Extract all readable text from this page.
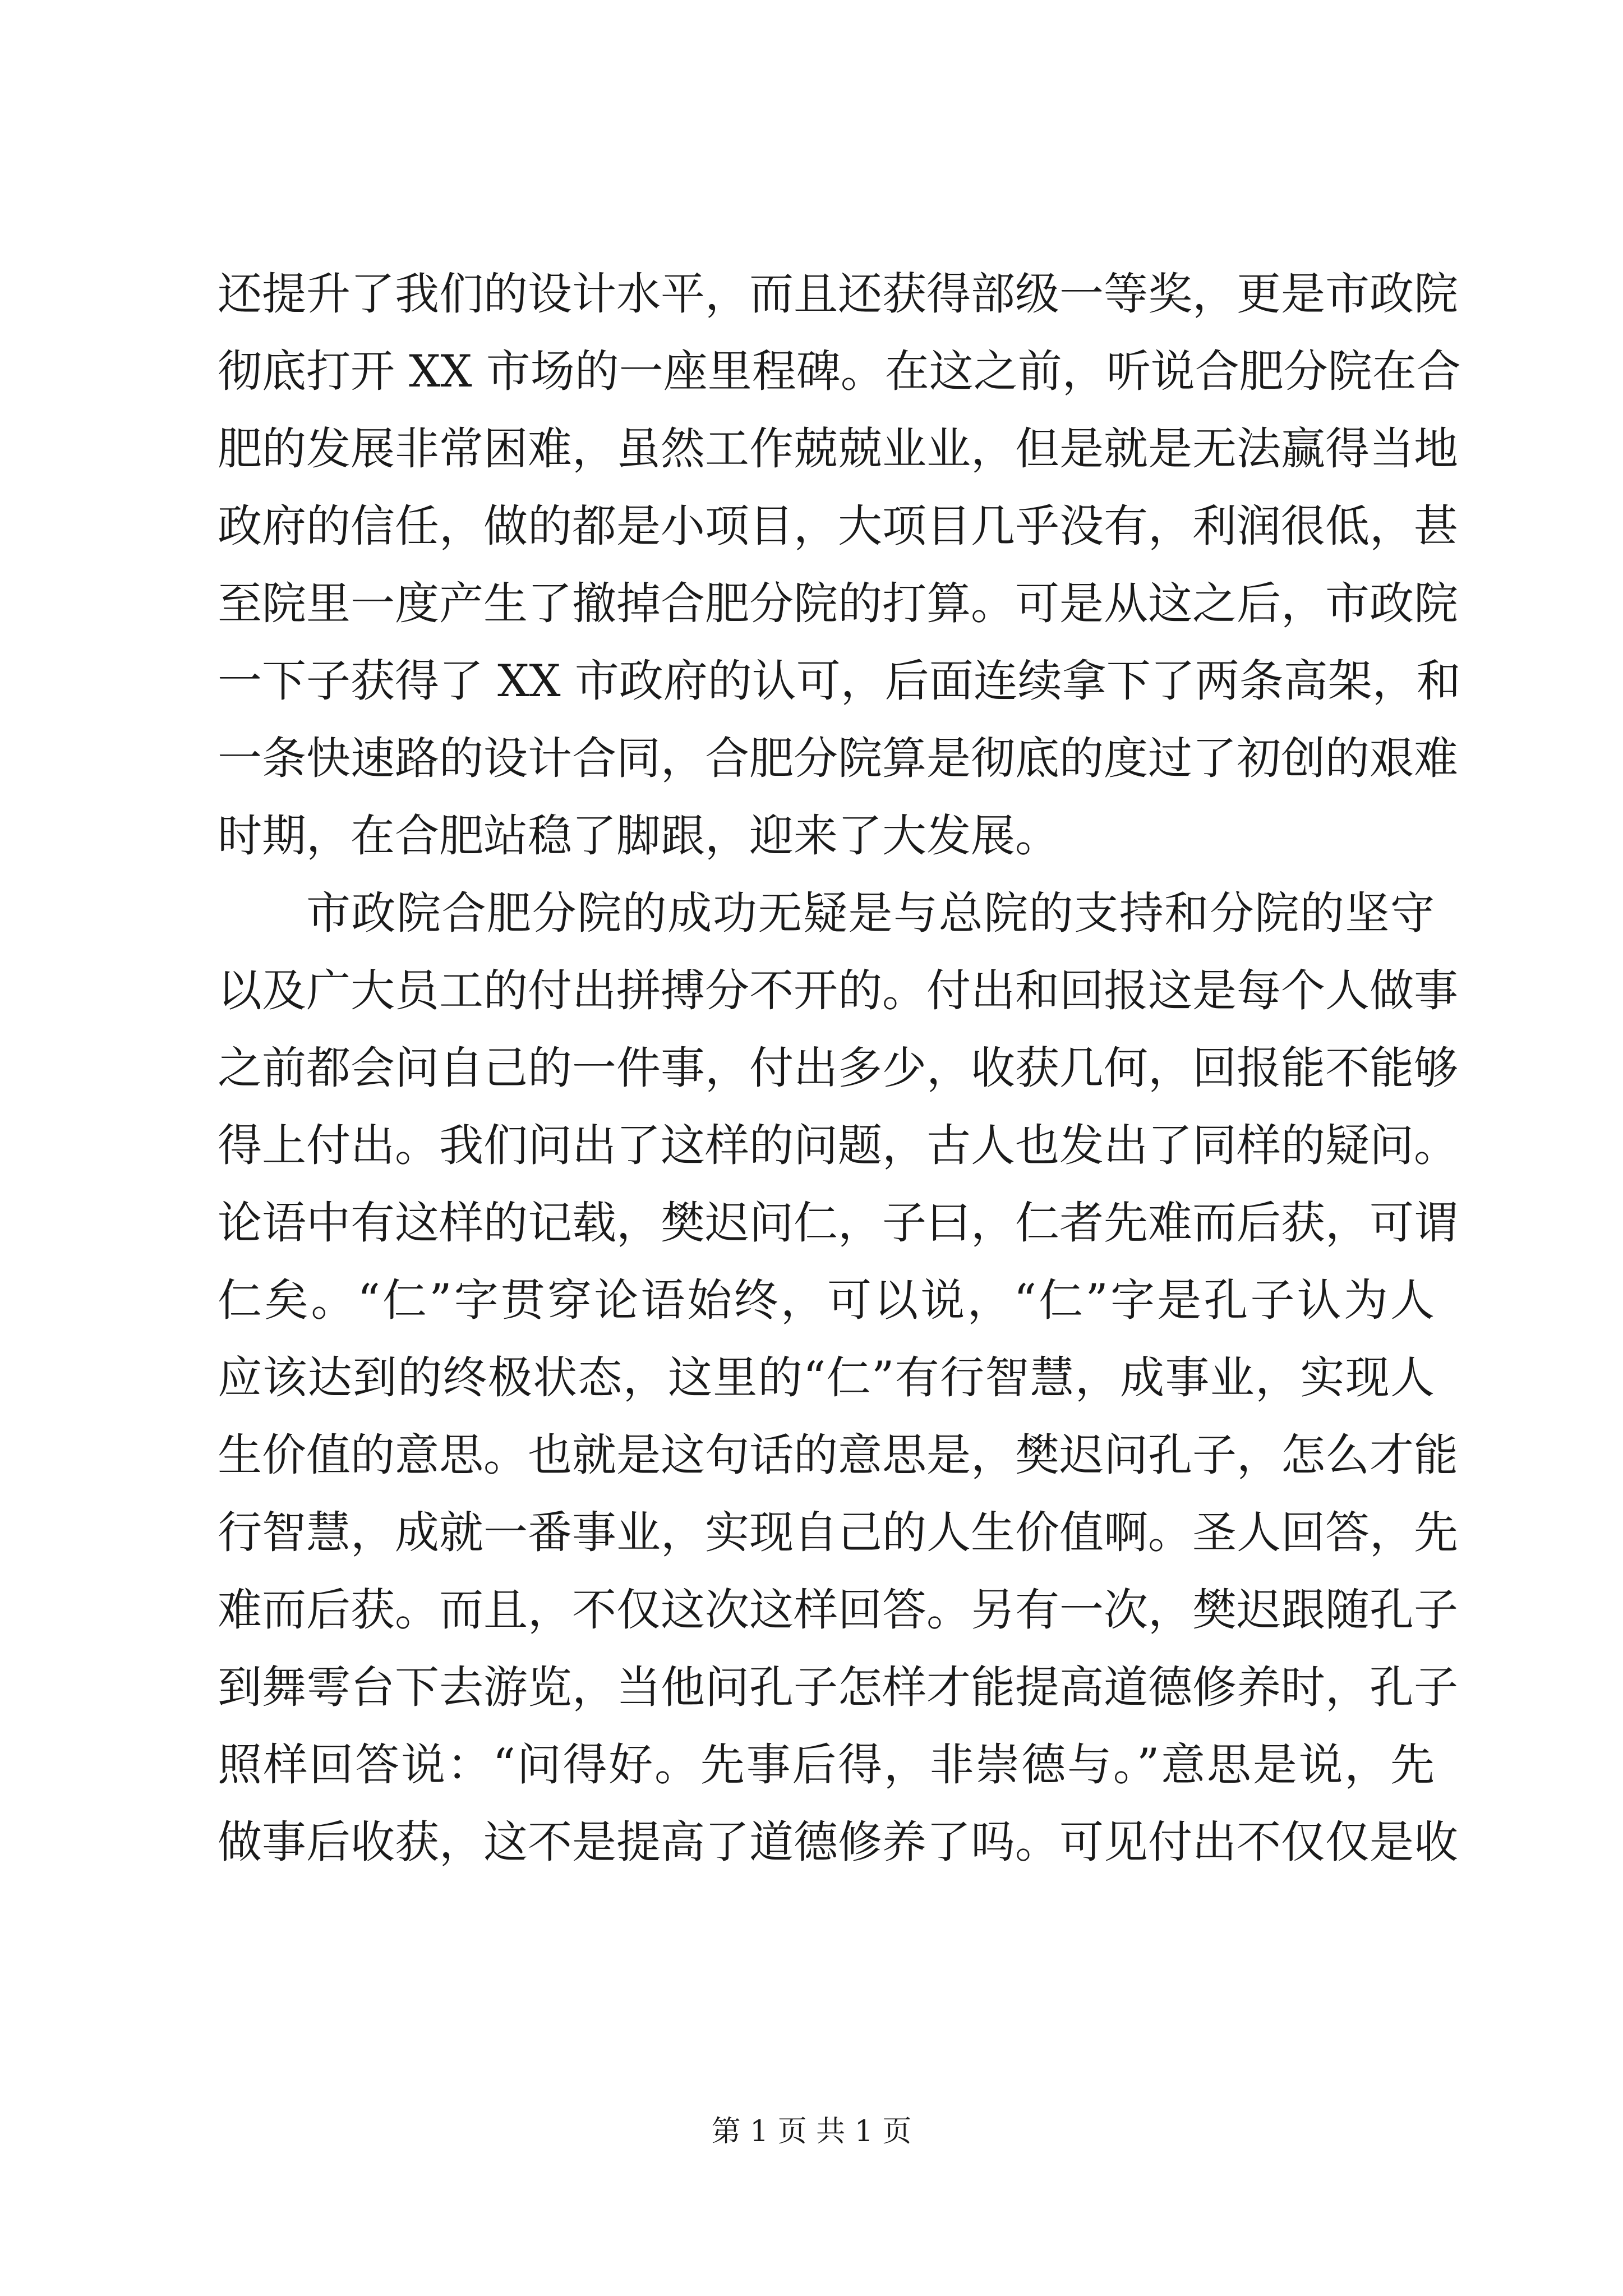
还提升了我们的设计水平，而且还获得部级一等奖，更是市政院
彻底打开 XX 市场的一座里程碑。在这之前，听说合肥分院在合
肥的发展非常困难，虽然工作兢兢业业，但是就是无法赢得当地
政府的信任，做的都是小项目，大项目几乎没有，利润很低，甚
至院里一度产生了撤掉合肥分院的打算。可是从这之后，市政院
一下子获得了 XX 市政府的认可，后面连续拿下了两条高架，和
一条快速路的设计合同，合肥分院算是彻底的度过了初创的艰难
时期，在合肥站稳了脚跟，迎来了大发展。
市政院合肥分院的成功无疑是与总院的支持和分院的坚守
以及广大员工的付出拼搏分不开的。付出和回报这是每个人做事
之前都会问自己的一件事，付出多少，收获几何，回报能不能够
得上付出。我们问出了这样的问题，古人也发出了同样的疑问。
论语中有这样的记载，樊迟问仁，子曰，仁者先难而后获，可谓
仁矣。“仁”字贯穿论语始终，可以说，“仁”字是孔子认为人
应该达到的终极状态，这里的“仁”有行智慧，成事业，实现人
生价值的意思。也就是这句话的意思是，樊迟问孔子，怎么才能
行智慧，成就一番事业，实现自己的人生价值啊。圣人回答，先
难而后获。而且，不仅这次这样回答。另有一次，樊迟跟随孔子
到舞雩台下去游览，当他问孔子怎样才能提高道德修养时，孔子
照样回答说：“问得好。先事后得，非崇德与。”意思是说，先
做事后收获，这不是提高了道德修养了吗。可见付出不仅仅是收
第 1 页 共 1 页
